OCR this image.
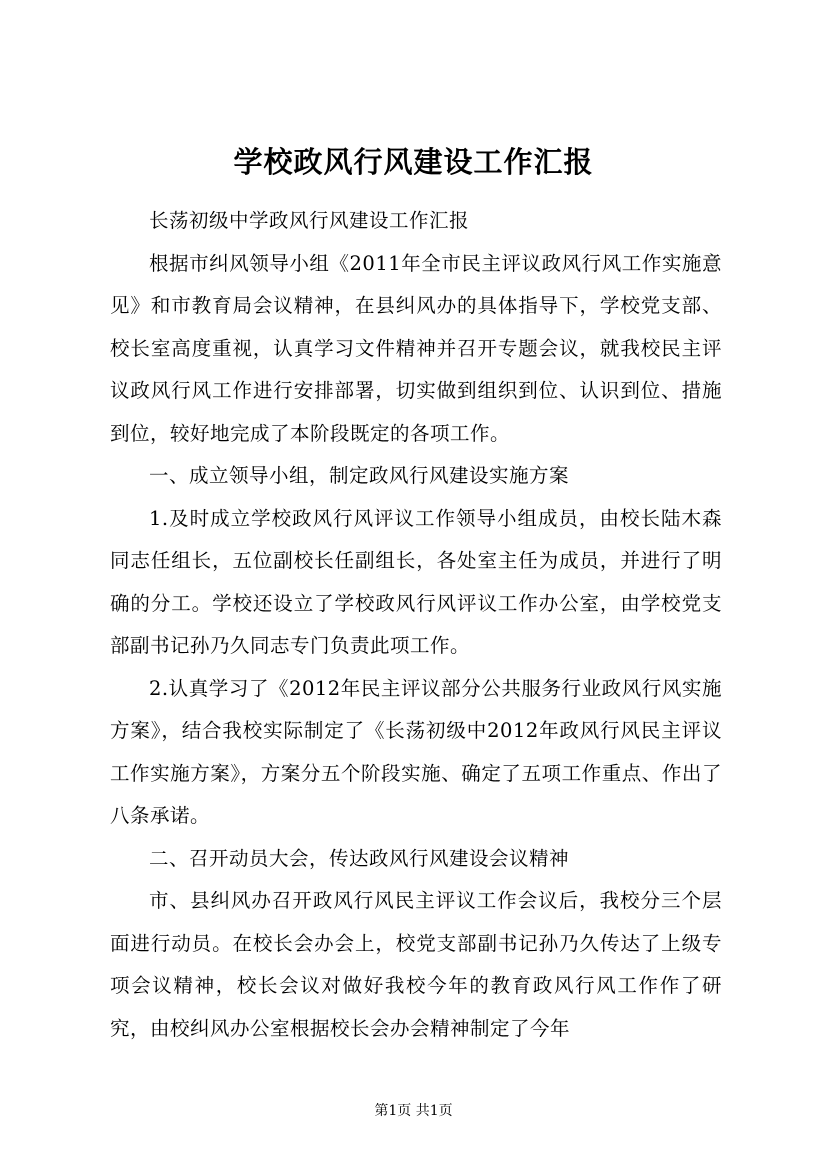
学校政风行风建设工作汇报

长荡初级中学政风行风建设工作汇报

根据市纠风领导小组《2011年全市民主评议政风行风工作实施意见》和市教育局会议精神，在县纠风办的具体指导下，学校党支部、校长室高度重视，认真学习文件精神并召开专题会议，就我校民主评议政风行风工作进行安排部署，切实做到组织到位、认识到位、措施到位，较好地完成了本阶段既定的各项工作。

一、成立领导小组，制定政风行风建设实施方案

1.及时成立学校政风行风评议工作领导小组成员，由校长陆木森同志任组长，五位副校长任副组长，各处室主任为成员，并进行了明确的分工。学校还设立了学校政风行风评议工作办公室，由学校党支部副书记孙乃久同志专门负责此项工作。

2.认真学习了《2012年民主评议部分公共服务行业政风行风实施方案》，结合我校实际制定了《长荡初级中2012年政风行风民主评议工作实施方案》，方案分五个阶段实施、确定了五项工作重点、作出了八条承诺。

二、召开动员大会，传达政风行风建设会议精神

市、县纠风办召开政风行风民主评议工作会议后，我校分三个层面进行动员。在校长会办会上，校党支部副书记孙乃久传达了上级专项会议精神，校长会议对做好我校今年的教育政风行风工作作了研究，由校纠风办公室根据校长会办会精神制定了今年

第1页 共1页
